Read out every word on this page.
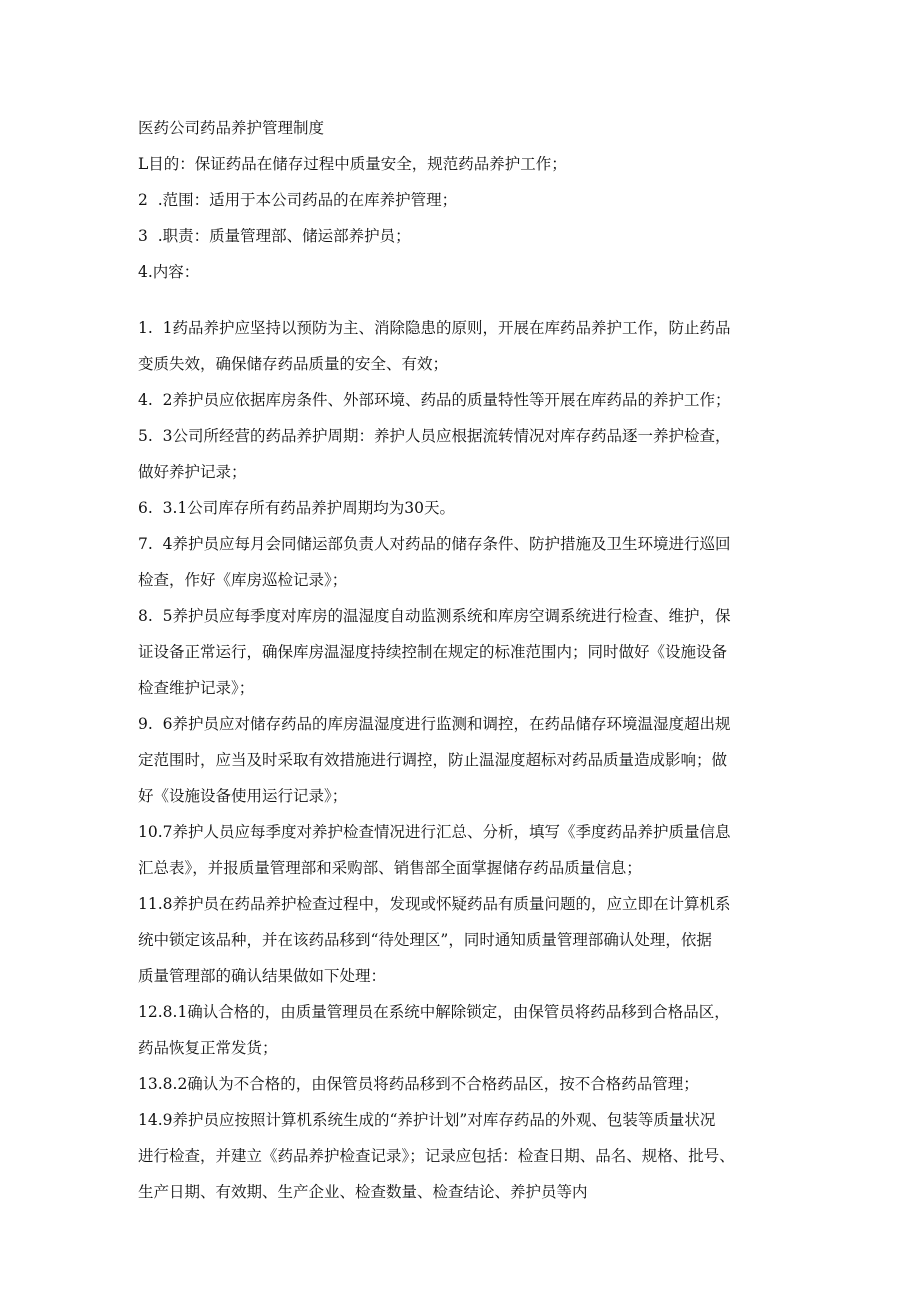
医药公司药品养护管理制度
L目的：保证药品在储存过程中质量安全，规范药品养护工作；
2  .范围：适用于本公司药品的在库养护管理；
3  .职责：质量管理部、储运部养护员；
4.内容：
1.  1药品养护应坚持以预防为主、消除隐患的原则，开展在库药品养护工作，防止药品
变质失效，确保储存药品质量的安全、有效；
4.  2养护员应依据库房条件、外部环境、药品的质量特性等开展在库药品的养护工作；
5.  3公司所经营的药品养护周期：养护人员应根据流转情况对库存药品逐一养护检查，
做好养护记录；
6.  3.1公司库存所有药品养护周期均为30天。
7.  4养护员应每月会同储运部负责人对药品的储存条件、防护措施及卫生环境进行巡回
检查，作好《库房巡检记录》；
8.  5养护员应每季度对库房的温湿度自动监测系统和库房空调系统进行检查、维护，保
证设备正常运行，确保库房温湿度持续控制在规定的标准范围内；同时做好《设施设备
检查维护记录》；
9.  6养护员应对储存药品的库房温湿度进行监测和调控，在药品储存环境温湿度超出规
定范围时，应当及时采取有效措施进行调控，防止温湿度超标对药品质量造成影响；做
好《设施设备使用运行记录》；
10.7养护人员应每季度对养护检查情况进行汇总、分析，填写《季度药品养护质量信息
汇总表》，并报质量管理部和采购部、销售部全面掌握储存药品质量信息；
11.8养护员在药品养护检查过程中，发现或怀疑药品有质量问题的，应立即在计算机系
统中锁定该品种，并在该药品移到“待处理区”，同时通知质量管理部确认处理，依据
质量管理部的确认结果做如下处理：
12.8.1确认合格的，由质量管理员在系统中解除锁定，由保管员将药品移到合格品区，
药品恢复正常发货；
13.8.2确认为不合格的，由保管员将药品移到不合格药品区，按不合格药品管理；
14.9养护员应按照计算机系统生成的“养护计划”对库存药品的外观、包装等质量状况
进行检查，并建立《药品养护检查记录》；记录应包括：检查日期、品名、规格、批号、
生产日期、有效期、生产企业、检查数量、检查结论、养护员等内
